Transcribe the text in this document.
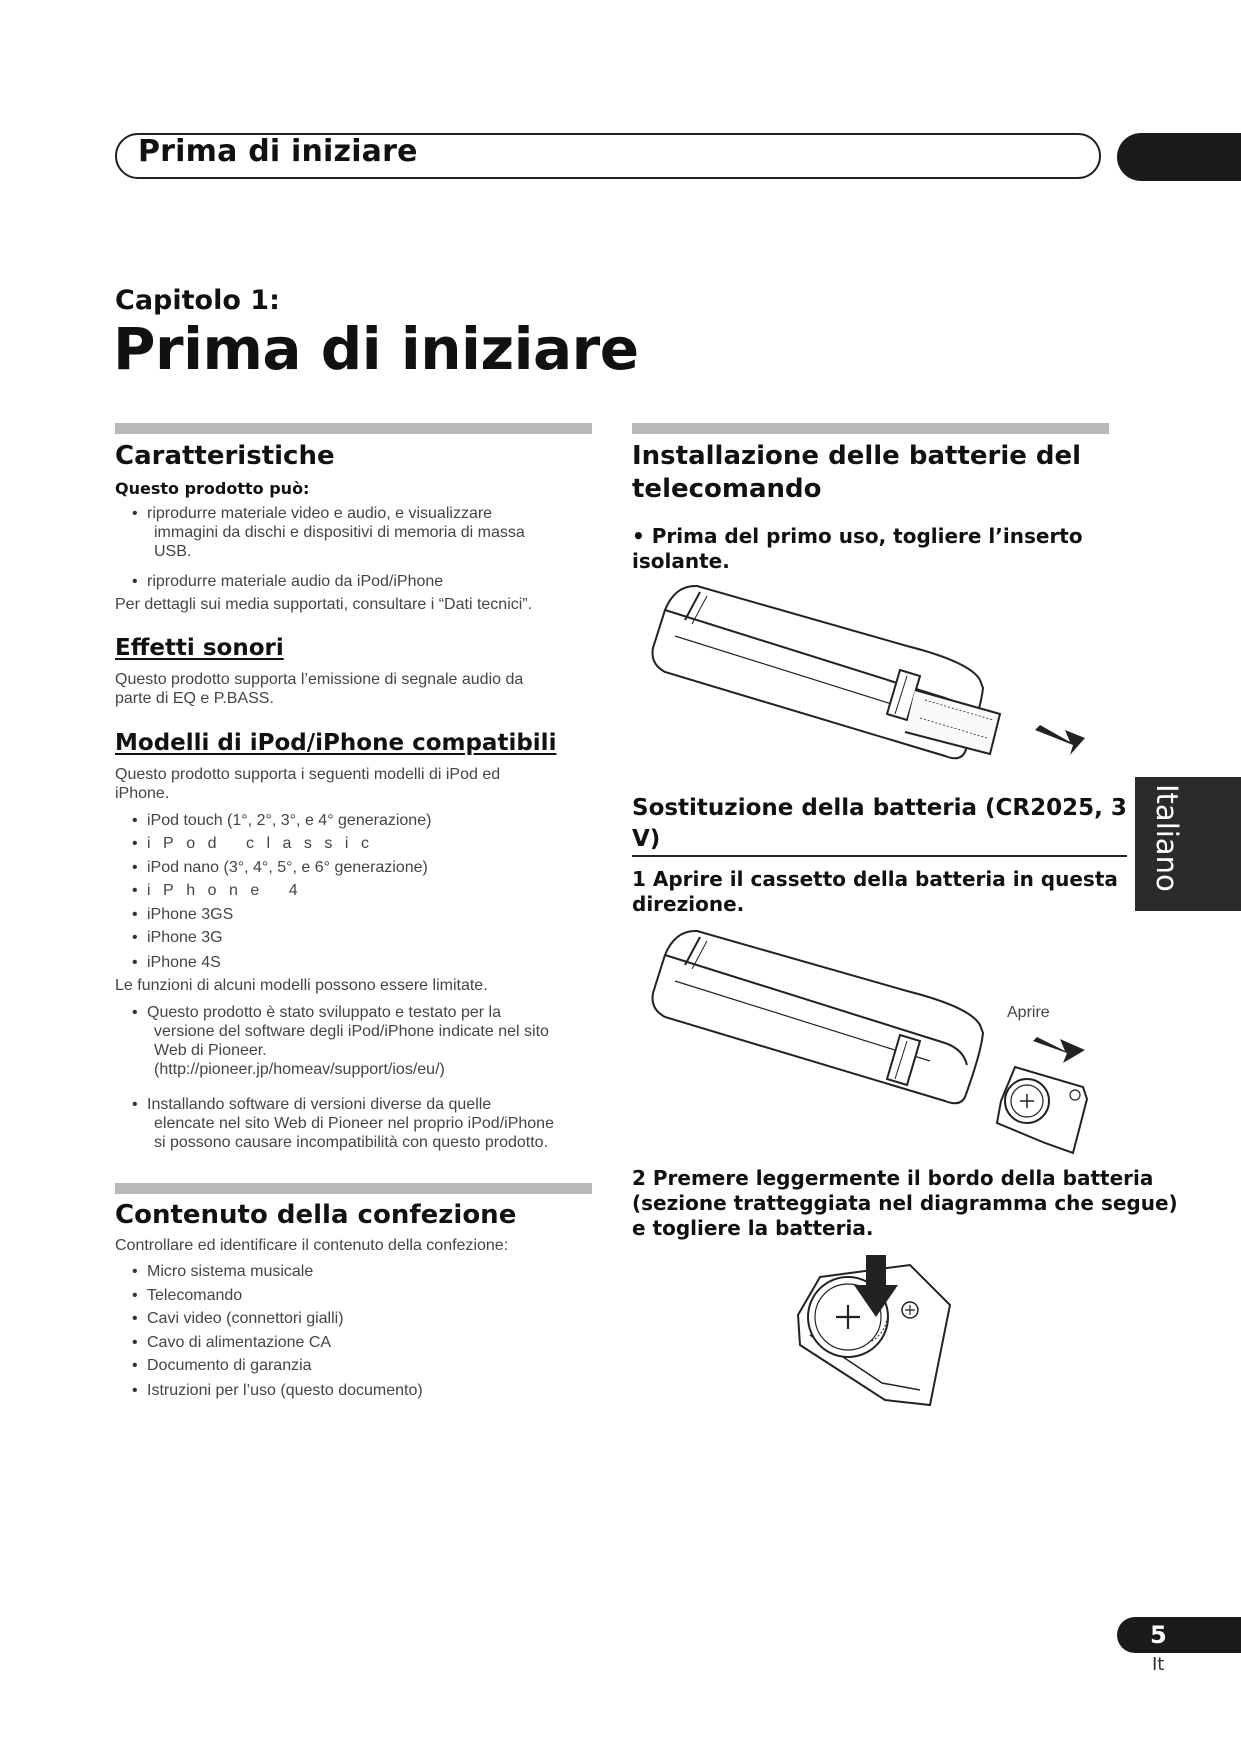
Prima di iniziare
Capitolo 1:
Prima di iniziare
Caratteristiche
Questo prodotto può:
• riprodurre materiale video e audio, e visualizzare
immagini da dischi e dispositivi di memoria di massa
USB.
• riprodurre materiale audio da iPod/iPhone
Per dettagli sui media supportati, consultare i “Dati tecnici”.
Effetti sonori
Questo prodotto supporta l’emissione di segnale audio da
parte di EQ e P.BASS.
Modelli di iPod/iPhone compatibili
Questo prodotto supporta i seguenti modelli di iPod ed
iPhone.
• iPod touch (1°, 2°, 3°, e 4° generazione)
•
iPod classic
• iPod nano (3°, 4°, 5°, e 6° generazione)
•
iPhone 4
• iPhone 3GS
• iPhone 3G
• iPhone 4S
Le funzioni di alcuni modelli possono essere limitate.
• Questo prodotto è stato sviluppato e testato per la
versione del software degli iPod/iPhone indicate nel sito
Web di Pioneer.
(http://pioneer.jp/homeav/support/ios/eu/)
• Installando software di versioni diverse da quelle
elencate nel sito Web di Pioneer nel proprio iPod/iPhone
si possono causare incompatibilità con questo prodotto.
Contenuto della confezione
Controllare ed identificare il contenuto della confezione:
• Micro sistema musicale
• Telecomando
• Cavi video (connettori gialli)
• Cavo di alimentazione CA
• Documento di garanzia
• Istruzioni per l’uso (questo documento)
Installazione delle batterie del
telecomando
• Prima del primo uso, togliere l’inserto
isolante.
Sostituzione della batteria (CR2025, 3
V)
1 Aprire il cassetto della batteria in questa
direzione.
Aprire
2 Premere leggermente il bordo della batteria
(sezione tratteggiata nel diagramma che segue)
e togliere la batteria.
Italiano
5
It
